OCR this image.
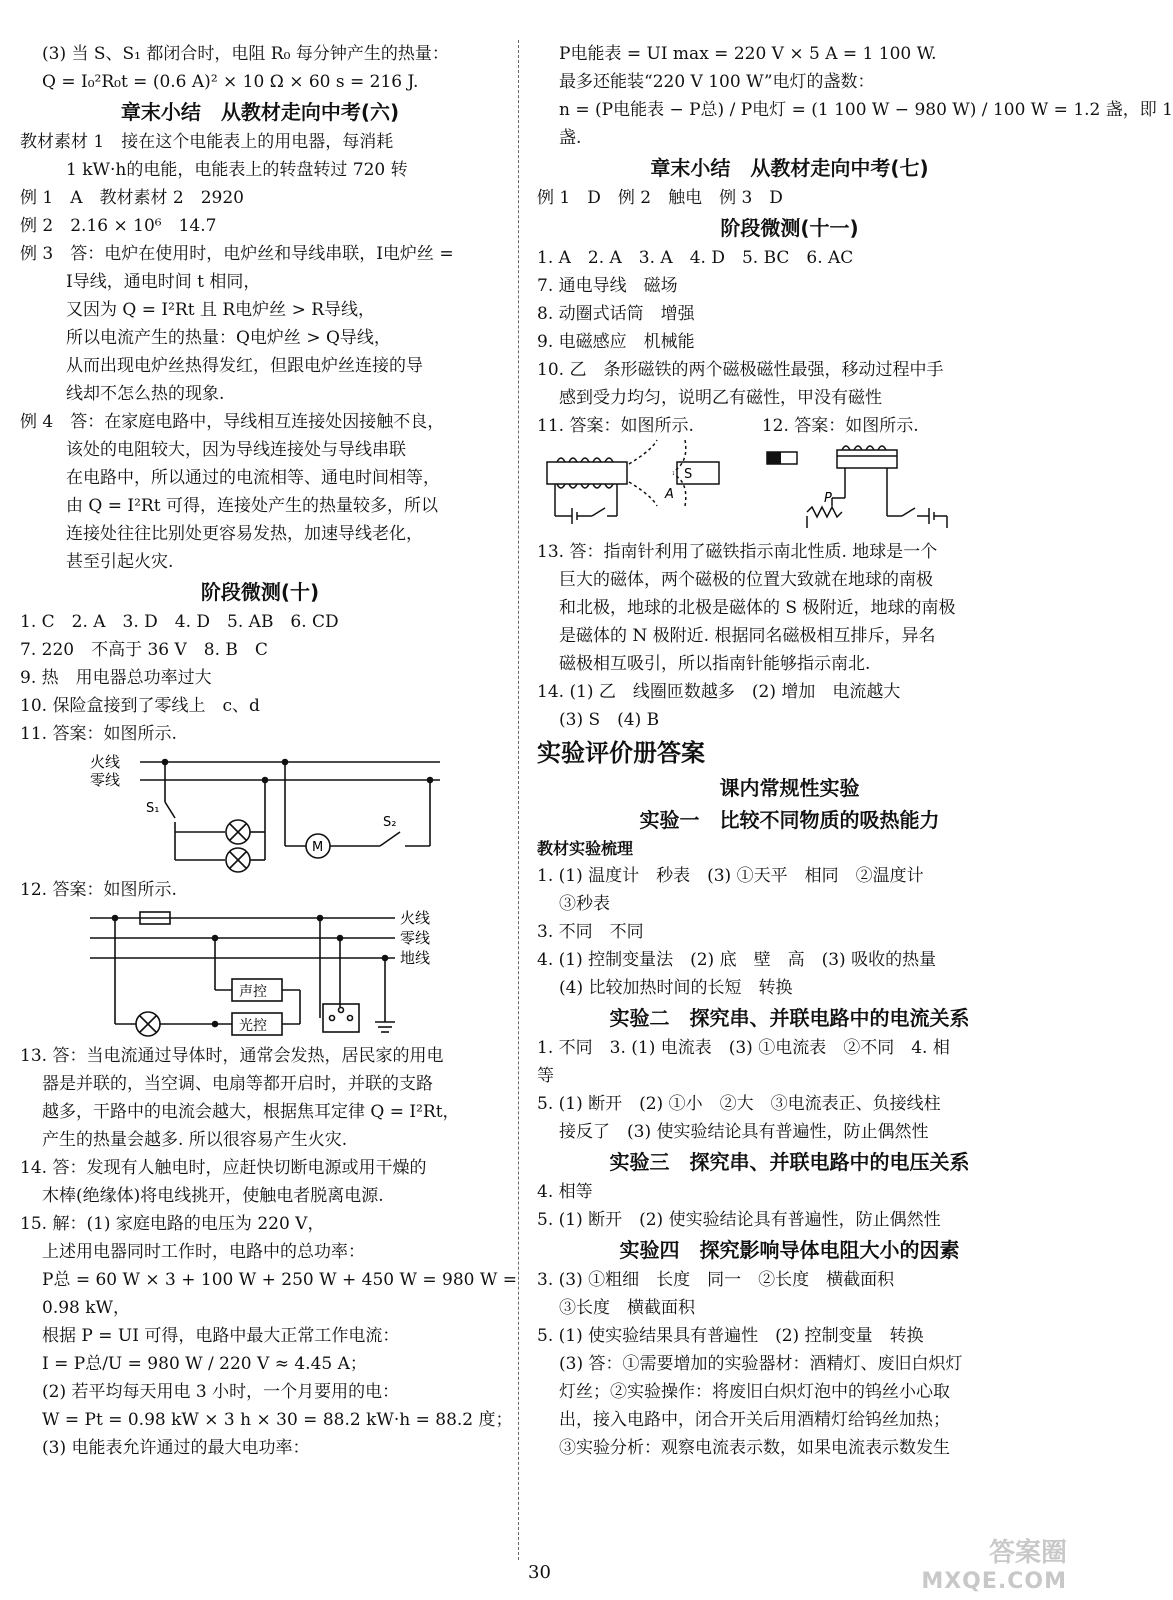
(3) 当 S、S₁ 都闭合时，电阻 R₀ 每分钟产生的热量：
Q = I₀²R₀t = (0.6 A)² × 10 Ω × 60 s = 216 J.
章末小结　从教材走向中考(六)
教材素材 1　接在这个电能表上的用电器，每消耗
1 kW·h的电能，电能表上的转盘转过 720 转
例 1　A　教材素材 2　2920
例 2　2.16 × 10⁶　14.7
例 3　答：电炉在使用时，电炉丝和导线串联，I电炉丝 =
I导线，通电时间 t 相同，
又因为 Q = I²Rt 且 R电炉丝 > R导线，
所以电流产生的热量：Q电炉丝 > Q导线，
从而出现电炉丝热得发红，但跟电炉丝连接的导
线却不怎么热的现象.
例 4　答：在家庭电路中，导线相互连接处因接触不良，
该处的电阻较大，因为导线连接处与导线串联
在电路中，所以通过的电流相等、通电时间相等，
由 Q = I²Rt 可得，连接处产生的热量较多，所以
连接处往往比别处更容易发热，加速导线老化，
甚至引起火灾.
阶段微测(十)
1. C　2. A　3. D　4. D　5. AB　6. CD
7. 220　不高于 36 V　8. B　C
9. 热　用电器总功率过大
10. 保险盒接到了零线上　c、d
11. 答案：如图所示.
火线
零线
S₁
S₂
M
12. 答案：如图所示.
火线
零线
地线
声控
光控
13. 答：当电流通过导体时，通常会发热，居民家的用电
器是并联的，当空调、电扇等都开启时，并联的支路
越多，干路中的电流会越大，根据焦耳定律 Q = I²Rt，
产生的热量会越多. 所以很容易产生火灾.
14. 答：发现有人触电时，应赶快切断电源或用干燥的
木棒(绝缘体)将电线挑开，使触电者脱离电源.
15. 解：(1) 家庭电路的电压为 220 V，
上述用电器同时工作时，电路中的总功率：
P总 = 60 W × 3 + 100 W + 250 W + 450 W = 980 W =
0.98 kW，
根据 P = UI 可得，电路中最大正常工作电流：
I = P总/U = 980 W / 220 V ≈ 4.45 A；
(2) 若平均每天用电 3 小时，一个月要用的电：
W = Pt = 0.98 kW × 3 h × 30 = 88.2 kW·h = 88.2 度；
(3) 电能表允许通过的最大电功率：
P电能表 = UI max = 220 V × 5 A = 1 100 W.
最多还能装“220 V 100 W”电灯的盏数：
n = (P电能表 − P总) / P电灯 = (1 100 W − 980 W) / 100 W = 1.2 盏，即 1
盏.
章末小结　从教材走向中考(七)
例 1　D　例 2　触电　例 3　D
阶段微测(十一)
1. A　2. A　3. A　4. D　5. BC　6. AC
7. 通电导线　磁场
8. 动圈式话筒　增强
9. 电磁感应　机械能
10. 乙　条形磁铁的两个磁极磁性最强，移动过程中手
感到受力均匀，说明乙有磁性，甲没有磁性
11. 答案：如图所示.　　　　12. 答案：如图所示.
S
A	P
13. 答：指南针利用了磁铁指示南北性质. 地球是一个
巨大的磁体，两个磁极的位置大致就在地球的南极
和北极，地球的北极是磁体的 S 极附近，地球的南极
是磁体的 N 极附近. 根据同名磁极相互排斥，异名
磁极相互吸引，所以指南针能够指示南北.
14. (1) 乙　线圈匝数越多　(2) 增加　电流越大
(3) S　(4) B
实验评价册答案
课内常规性实验
实验一　比较不同物质的吸热能力
教材实验梳理
1. (1) 温度计　秒表　(3) ①天平　相同　②温度计
③秒表
3. 不同　不同
4. (1) 控制变量法　(2) 底　壁　高　(3) 吸收的热量
(4) 比较加热时间的长短　转换
实验二　探究串、并联电路中的电流关系
1. 不同　3. (1) 电流表　(3) ①电流表　②不同　4. 相
等
5. (1) 断开　(2) ①小　②大　③电流表正、负接线柱
接反了　(3) 使实验结论具有普遍性，防止偶然性
实验三　探究串、并联电路中的电压关系
4. 相等
5. (1) 断开　(2) 使实验结论具有普遍性，防止偶然性
实验四　探究影响导体电阻大小的因素
3. (3) ①粗细　长度　同一　②长度　横截面积
③长度　横截面积
5. (1) 使实验结果具有普遍性　(2) 控制变量　转换
(3) 答：①需要增加的实验器材：酒精灯、废旧白炽灯
灯丝；②实验操作：将废旧白炽灯泡中的钨丝小心取
出，接入电路中，闭合开关后用酒精灯给钨丝加热；
③实验分析：观察电流表示数，如果电流表示数发生
30
答案圈
MXQE.COM
